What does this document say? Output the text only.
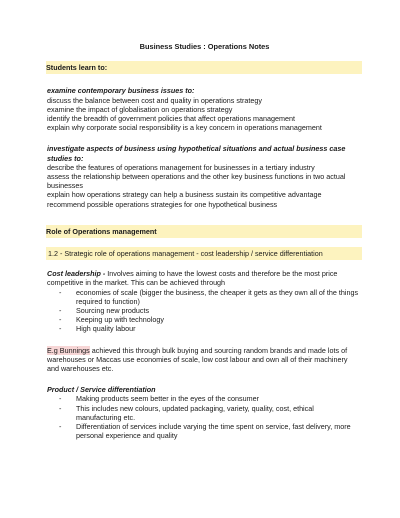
Business Studies : Operations Notes
Students learn to:
examine contemporary business issues to:
discuss the balance between cost and quality in operations strategy
examine the impact of globalisation on operations strategy
identify the breadth of government policies that affect operations management
explain why corporate social responsibility is a key concern in operations management
investigate aspects of business using hypothetical situations and actual business case
studies to:
describe the features of operations management for businesses in a tertiary industry
assess the relationship between operations and the other key business functions in two actual
businesses
explain how operations strategy can help a business sustain its competitive advantage
recommend possible operations strategies for one hypothetical business
Role of Operations management
1.2 - Strategic role of operations management - cost leadership / service differentiation
Cost leadership - Involves aiming to have the lowest costs and therefore be the most price
competitive in the market. This can be achieved through
- economies of scale (bigger the business, the cheaper it gets as they own all of the things
required to function)
- Sourcing new products
- Keeping up with technology
- High quality labour
E.g Bunnings achieved this through bulk buying and sourcing random brands and made lots of
warehouses or Maccas use economies of scale, low cost labour and own all of their machinery
and warehouses etc.
Product / Service differentiation
- Making products seem better in the eyes of the consumer
- This includes new colours, updated packaging, variety, quality, cost, ethical
manufacturing etc.
- Differentiation of services include varying the time spent on service, fast delivery, more
personal experience and quality
